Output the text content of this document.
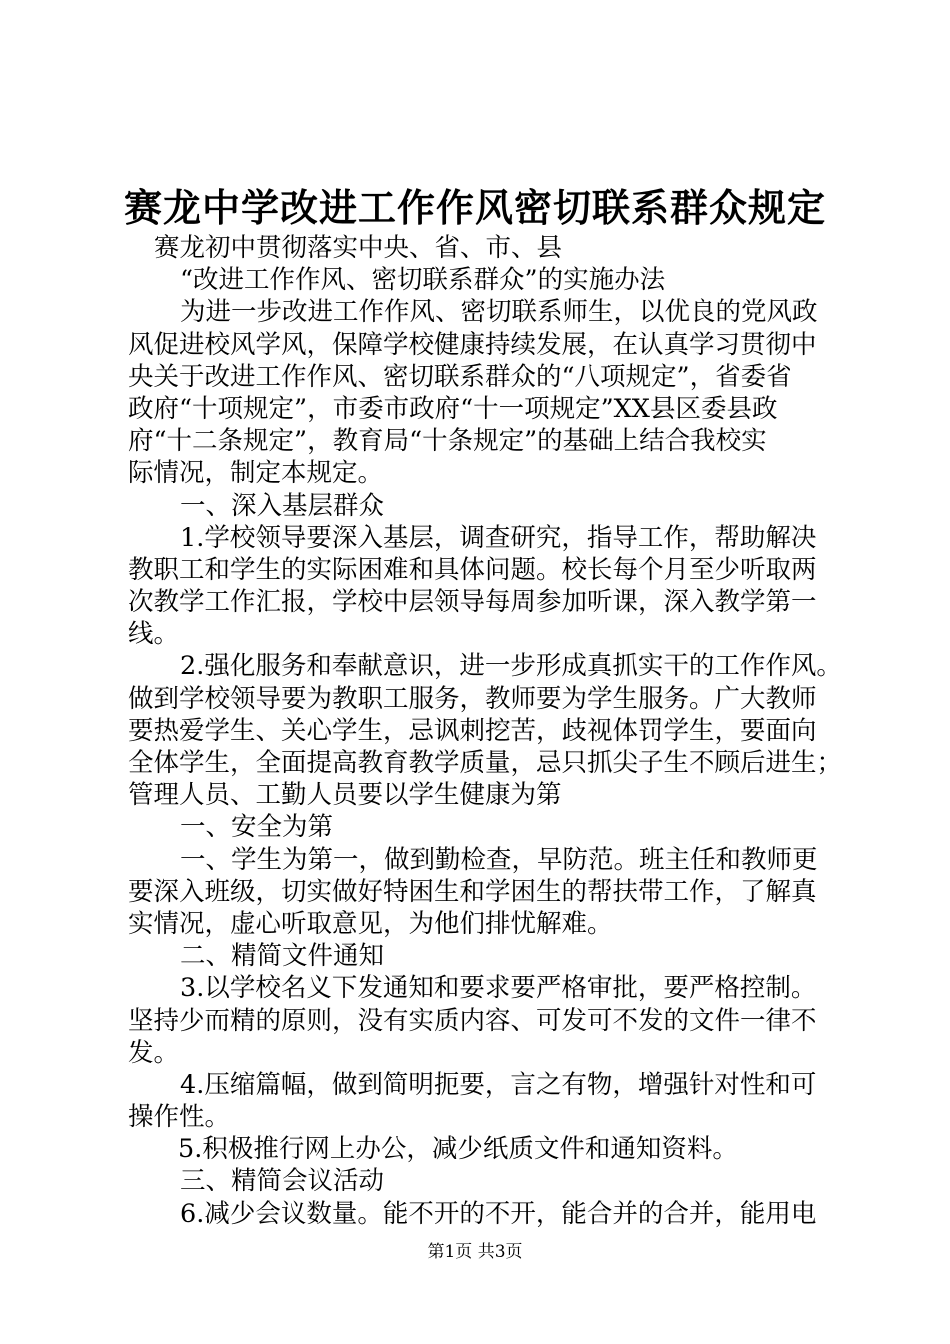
赛龙中学改进工作作风密切联系群众规定
赛龙初中贯彻落实中央、省、市、县
“改进工作作风、密切联系群众”的实施办法
为进一步改进工作作风、密切联系师生，以优良的党风政
风促进校风学风，保障学校健康持续发展，在认真学习贯彻中
央关于改进工作作风、密切联系群众的“八项规定”，省委省
政府“十项规定”，市委市政府“十一项规定”XX县区委县政
府“十二条规定”，教育局“十条规定”的基础上结合我校实
际情况，制定本规定。
一、深入基层群众
1.学校领导要深入基层，调查研究，指导工作，帮助解决
教职工和学生的实际困难和具体问题。校长每个月至少听取两
次教学工作汇报，学校中层领导每周参加听课，深入教学第一
线。
2.强化服务和奉献意识，进一步形成真抓实干的工作作风。
做到学校领导要为教职工服务，教师要为学生服务。广大教师
要热爱学生、关心学生，忌讽刺挖苦，歧视体罚学生，要面向
全体学生，全面提高教育教学质量，忌只抓尖子生不顾后进生；
管理人员、工勤人员要以学生健康为第
一、安全为第
一、学生为第一，做到勤检查，早防范。班主任和教师更
要深入班级，切实做好特困生和学困生的帮扶带工作，了解真
实情况，虚心听取意见，为他们排忧解难。
二、精简文件通知
3.以学校名义下发通知和要求要严格审批，要严格控制。
坚持少而精的原则，没有实质内容、可发可不发的文件一律不
发。
4.压缩篇幅，做到简明扼要，言之有物，增强针对性和可
操作性。
5.积极推行网上办公，减少纸质文件和通知资料。
三、精简会议活动
6.减少会议数量。能不开的不开，能合并的合并，能用电
第1页 共3页
